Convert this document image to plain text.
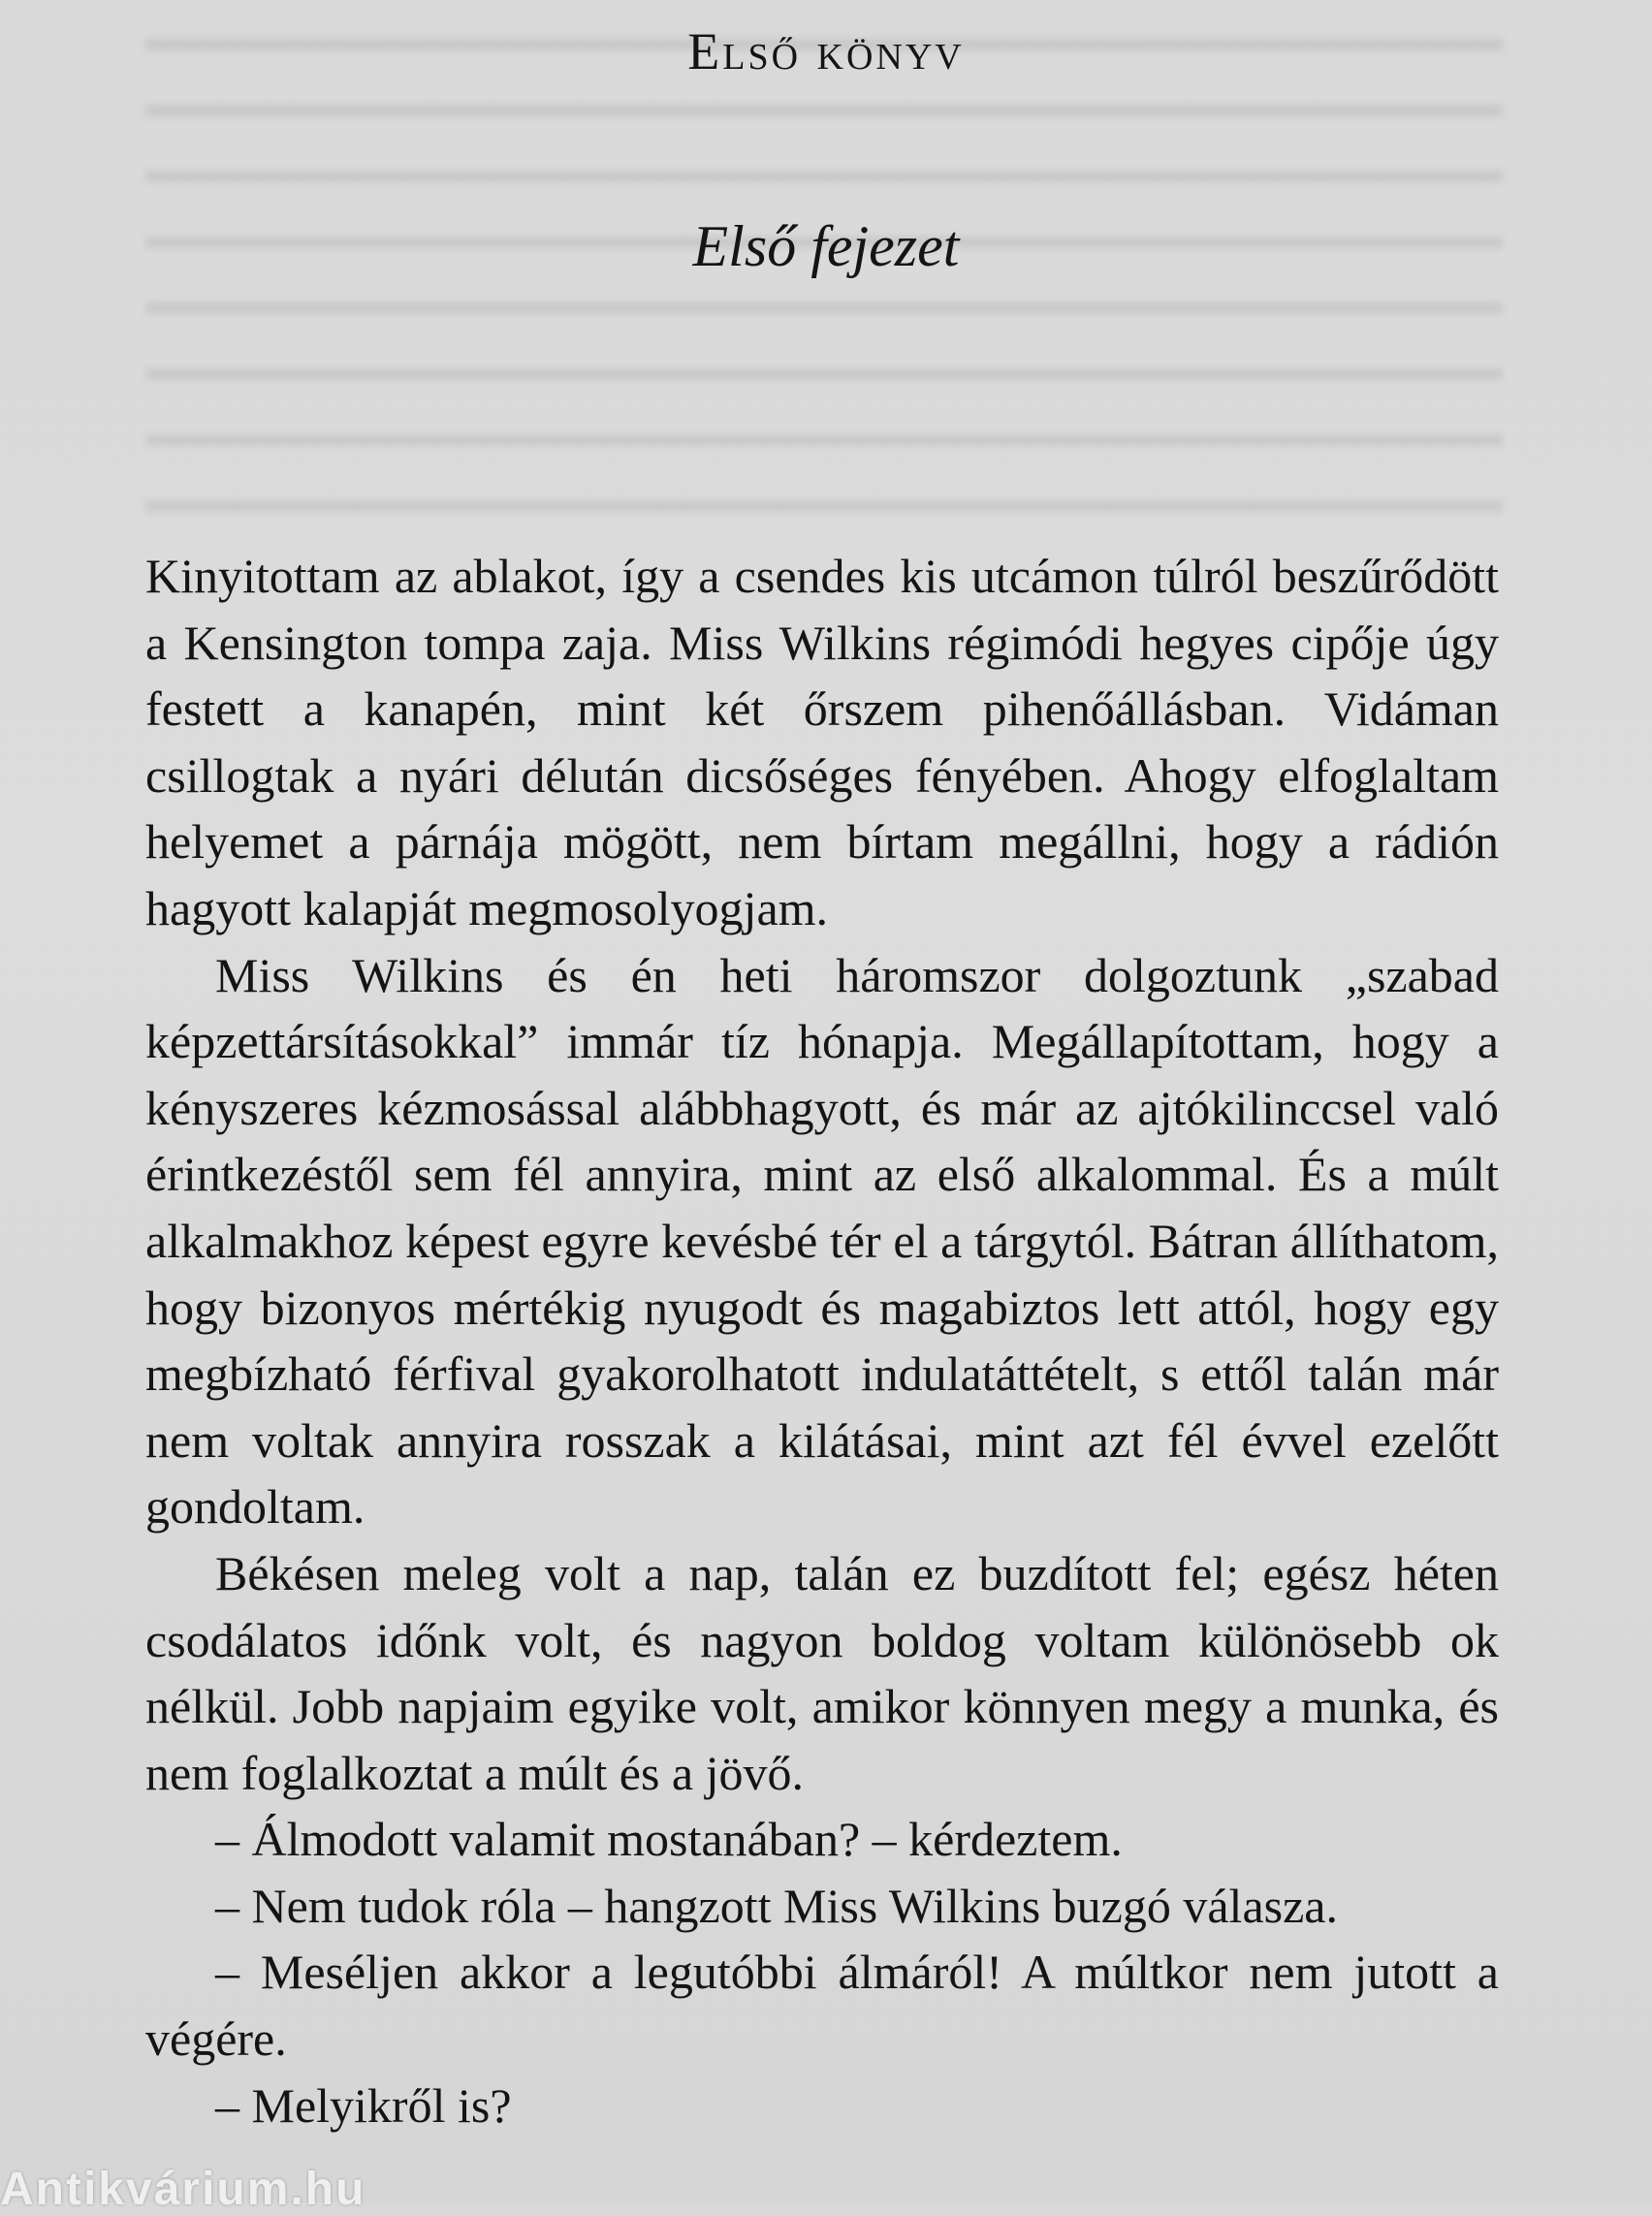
Első könyv
Első fejezet

Kinyitottam az ablakot, így a csendes kis utcámon túlról beszűrődött a Kensington tompa zaja. Miss Wilkins régimódi hegyes cipője úgy festett a kanapén, mint két őrszem pihenőállásban. Vidáman csillogtak a nyári délután dicsőséges fényében. Ahogy elfoglaltam helyemet a párnája mögött, nem bírtam megállni, hogy a rádión hagyott kalapját megmosolyogjam.

Miss Wilkins és én heti háromszor dolgoztunk „szabad képzettársításokkal” immár tíz hónapja. Megállapítottam, hogy a kényszeres kézmosással alábbhagyott, és már az ajtókilinccsel való érintkezéstől sem fél annyira, mint az első alkalommal. És a múlt alkalmakhoz képest egyre kevésbé tér el a tárgytól. Bátran állíthatom, hogy bizonyos mértékig nyugodt és magabiztos lett attól, hogy egy megbízható férfival gyakorolhatott indulatáttételt, s ettől talán már nem voltak annyira rosszak a kilátásai, mint azt fél évvel ezelőtt gondoltam.

Békésen meleg volt a nap, talán ez buzdított fel; egész héten csodálatos időnk volt, és nagyon boldog voltam különösebb ok nélkül. Jobb napjaim egyike volt, amikor könnyen megy a munka, és nem foglalkoztat a múlt és a jövő.

– Álmodott valamit mostanában? – kérdeztem.

– Nem tudok róla – hangzott Miss Wilkins buzgó válasza.

– Meséljen akkor a legutóbbi álmáról! A múltkor nem jutott a végére.

– Melyikről is?

Antikvárium.hu
